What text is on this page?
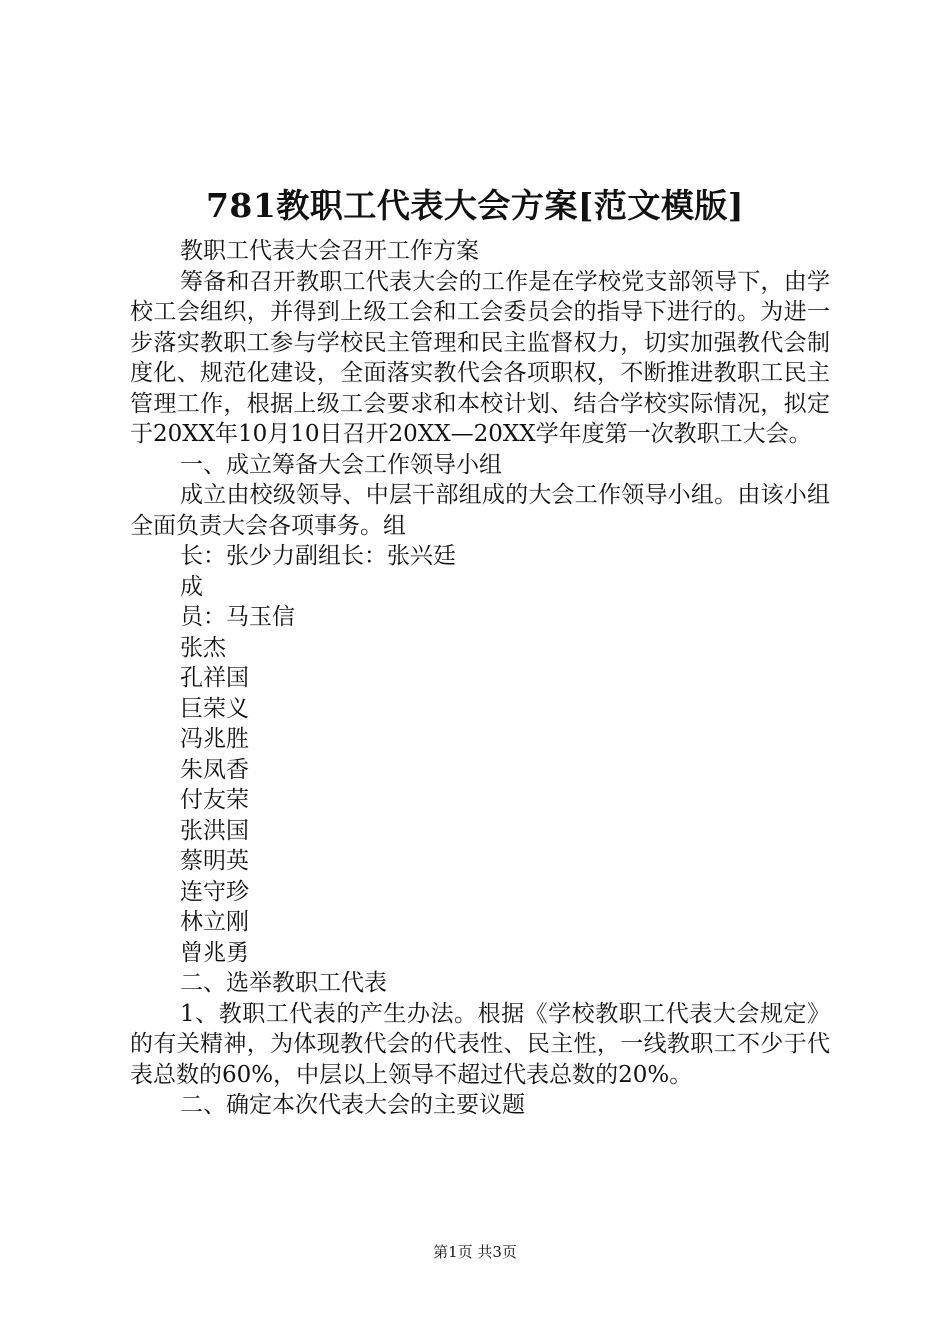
781教职工代表大会方案[范文模版]

教职工代表大会召开工作方案

筹备和召开教职工代表大会的工作是在学校党支部领导下，由学校工会组织，并得到上级工会和工会委员会的指导下进行的。为进一步落实教职工参与学校民主管理和民主监督权力，切实加强教代会制度化、规范化建设，全面落实教代会各项职权，不断推进教职工民主管理工作，根据上级工会要求和本校计划、结合学校实际情况，拟定于20XX年10月10日召开20XX—20XX学年度第一次教职工大会。

一、成立筹备大会工作领导小组

成立由校级领导、中层干部组成的大会工作领导小组。由该小组全面负责大会各项事务。组

长：张少力副组长：张兴廷

成

员：马玉信

张杰

孔祥国

巨荣义

冯兆胜

朱凤香

付友荣

张洪国

蔡明英

连守珍

林立刚

曾兆勇

二、选举教职工代表

1、教职工代表的产生办法。根据《学校教职工代表大会规定》的有关精神，为体现教代会的代表性、民主性，一线教职工不少于代表总数的60%，中层以上领导不超过代表总数的20%。

二、确定本次代表大会的主要议题

第1页 共3页
